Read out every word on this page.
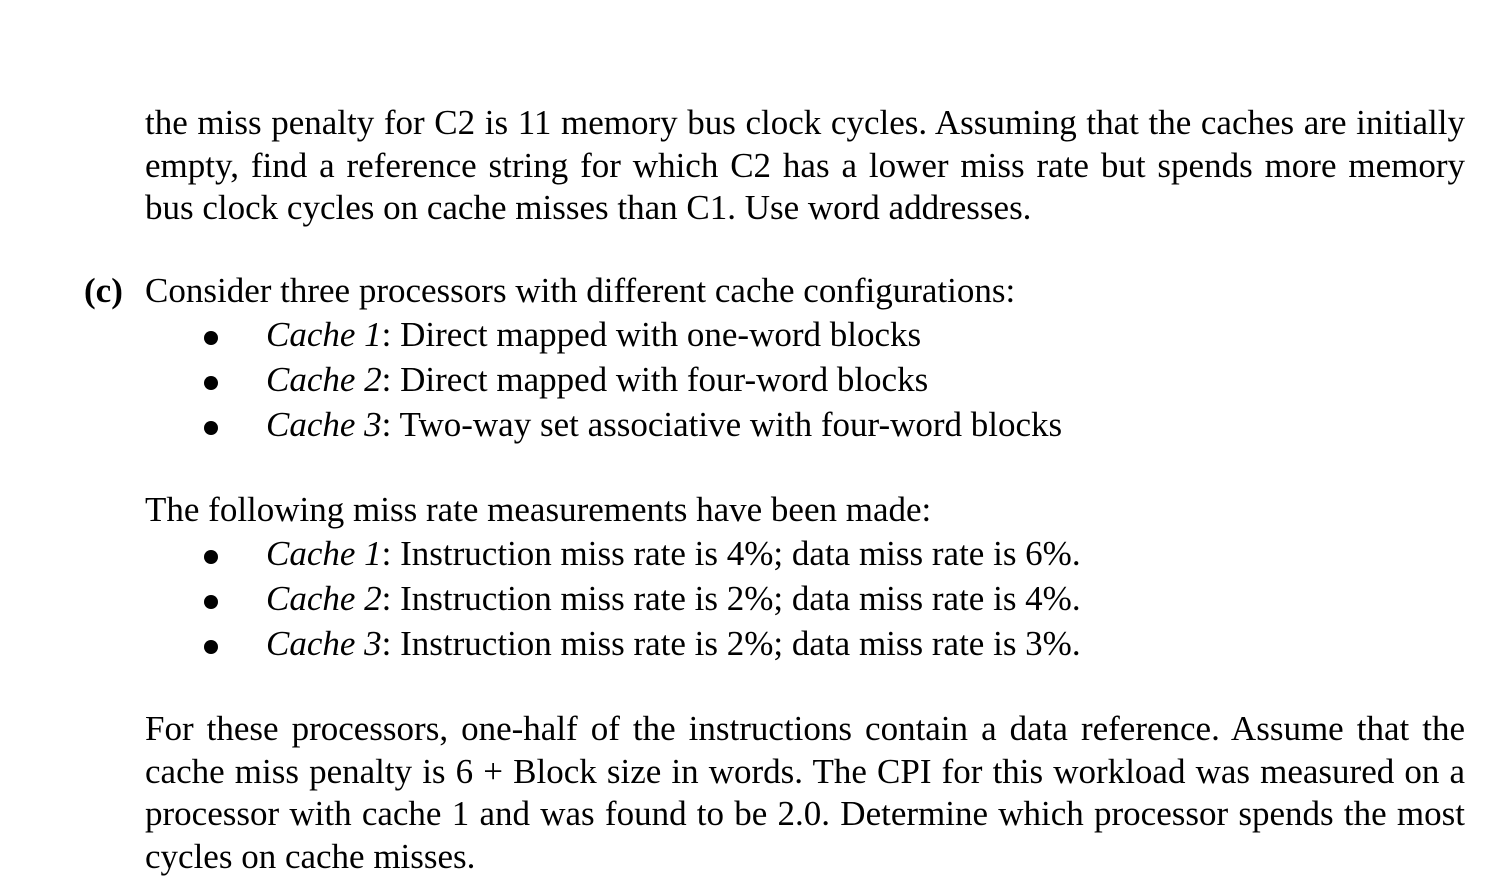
the miss penalty for C2 is 11 memory bus clock cycles. Assuming that the caches are initially empty, find a reference string for which C2 has a lower miss rate but spends more memory bus clock cycles on cache misses than C1. Use word addresses.

(c) Consider three processors with different cache configurations:
Cache 1: Direct mapped with one-word blocks
Cache 2: Direct mapped with four-word blocks
Cache 3: Two-way set associative with four-word blocks
The following miss rate measurements have been made:
Cache 1: Instruction miss rate is 4%; data miss rate is 6%.
Cache 2: Instruction miss rate is 2%; data miss rate is 4%.
Cache 3: Instruction miss rate is 2%; data miss rate is 3%.

For these processors, one-half of the instructions contain a data reference. Assume that the cache miss penalty is 6 + Block size in words. The CPI for this workload was measured on a processor with cache 1 and was found to be 2.0. Determine which processor spends the most cycles on cache misses.
